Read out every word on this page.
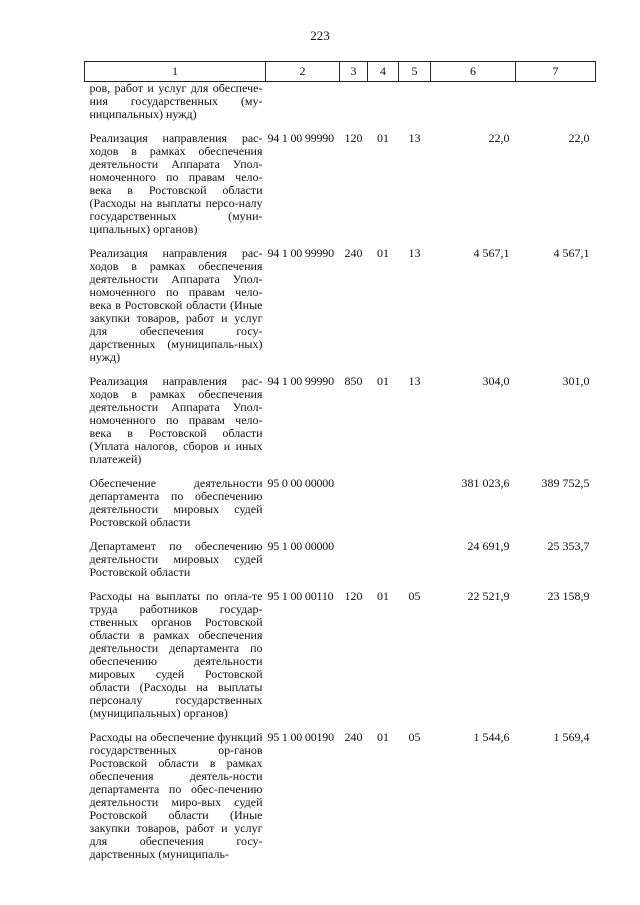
223
1	2	3	4	5	6	7
ров, работ и услуг для обеспече-ния государственных (му-ниципальных) нужд)						
Реализация направления рас-ходов в рамках обеспечения деятельности Аппарата Упол-номоченного по правам чело-века в Ростовской области (Расходы на выплаты персо-налу государственных (муни-ципальных) органов)	94 1 00 99990	120	01	13	22,0	22,0
Реализация направления рас-ходов в рамках обеспечения деятельности Аппарата Упол-номоченного по правам чело-века в Ростовской области (Иные закупки товаров, работ и услуг для обеспечения госу-дарственных (муниципаль-ных) нужд)	94 1 00 99990	240	01	13	4 567,1	4 567,1
Реализация направления рас-ходов в рамках обеспечения деятельности Аппарата Упол-номоченного по правам чело-века в Ростовской области (Уплата налогов, сборов и иных платежей)	94 1 00 99990	850	01	13	304,0	301,0
Обеспечение деятельности департамента по обеспечению деятельности мировых судей Ростовской области	95 0 00 00000				381 023,6	389 752,5
Департамент по обеспечению деятельности мировых судей Ростовской области	95 1 00 00000				24 691,9	25 353,7
Расходы на выплаты по опла-те труда работников государ-ственных органов Ростовской области в рамках обеспечения деятельности департамента по обеспечению деятельности мировых судей Ростовской области (Расходы на выплаты персоналу государственных (муниципальных) органов)	95 1 00 00110	120	01	05	22 521,9	23 158,9
Расходы на обеспечение функций государственных ор-ганов Ростовской области в рамках обеспечения деятель-ности департамента по обес-печению деятельности миро-вых судей Ростовской области (Иные закупки товаров, работ и услуг для обеспечения госу-дарственных (муниципаль-	95 1 00 00190	240	01	05	1 544,6	1 569,4
